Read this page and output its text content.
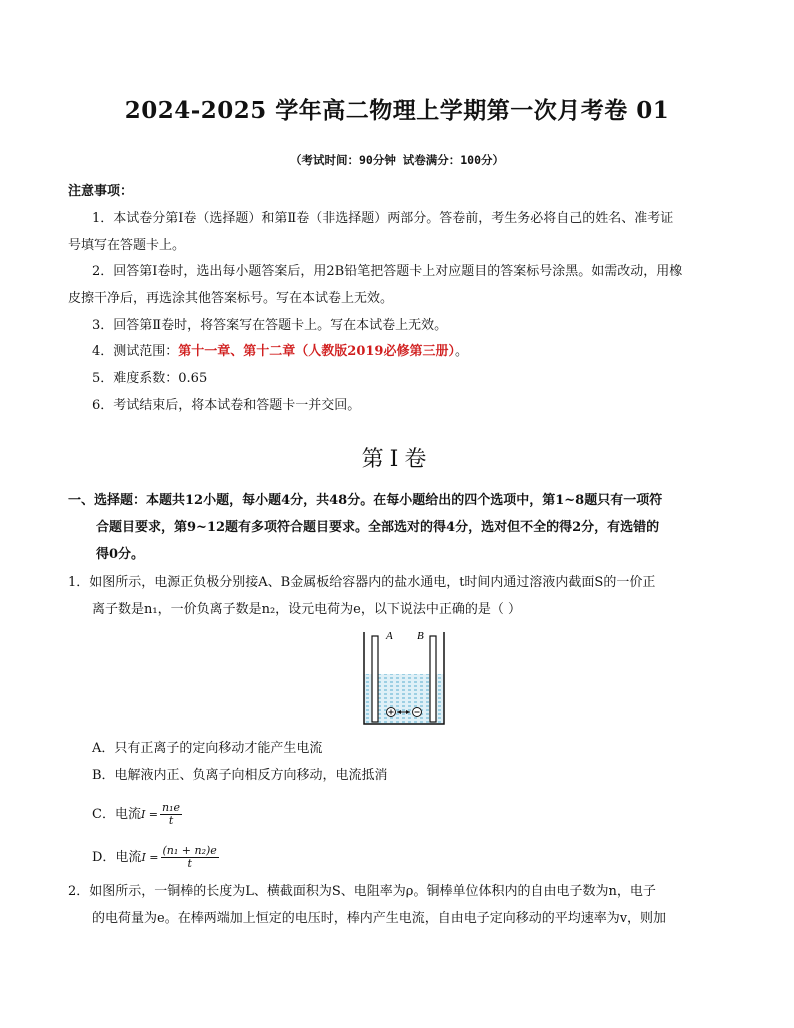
2024-2025 学年高二物理上学期第一次月考卷 01
（考试时间：90分钟 试卷满分：100分）
注意事项：
1．本试卷分第Ⅰ卷（选择题）和第Ⅱ卷（非选择题）两部分。答卷前，考生务必将自己的姓名、准考证
号填写在答题卡上。
2．回答第Ⅰ卷时，选出每小题答案后，用2B铅笔把答题卡上对应题目的答案标号涂黑。如需改动，用橡
皮擦干净后，再选涂其他答案标号。写在本试卷上无效。
3．回答第Ⅱ卷时，将答案写在答题卡上。写在本试卷上无效。
4．测试范围：第十一章、第十二章（人教版2019必修第三册）。
5．难度系数：0.65
6．考试结束后，将本试卷和答题卡一并交回。
第Ⅰ卷
一、选择题：本题共12小题，每小题4分，共48分。在每小题给出的四个选项中，第1~8题只有一项符
合题目要求，第9~12题有多项符合题目要求。全部选对的得4分，选对但不全的得2分，有选错的
得0分。
1．如图所示，电源正负极分别接A、B金属板给容器内的盐水通电，t时间内通过溶液内截面S的一价正
离子数是n₁，一价负离子数是n₂，设元电荷为e，以下说法中正确的是（ ）
A B
A．只有正离子的定向移动才能产生电流
B．电解液内正、负离子向相反方向移动，电流抵消
C．电流$I = \frac{\text{n₁e}}{t}$
D．电流$I = \frac{\text{(n₁ + n₂)e}}{t}$
2．如图所示，一铜棒的长度为L、横截面积为S、电阻率为ρ。铜棒单位体积内的自由电子数为n，电子
的电荷量为e。在棒两端加上恒定的电压时，棒内产生电流，自由电子定向移动的平均速率为v，则加
